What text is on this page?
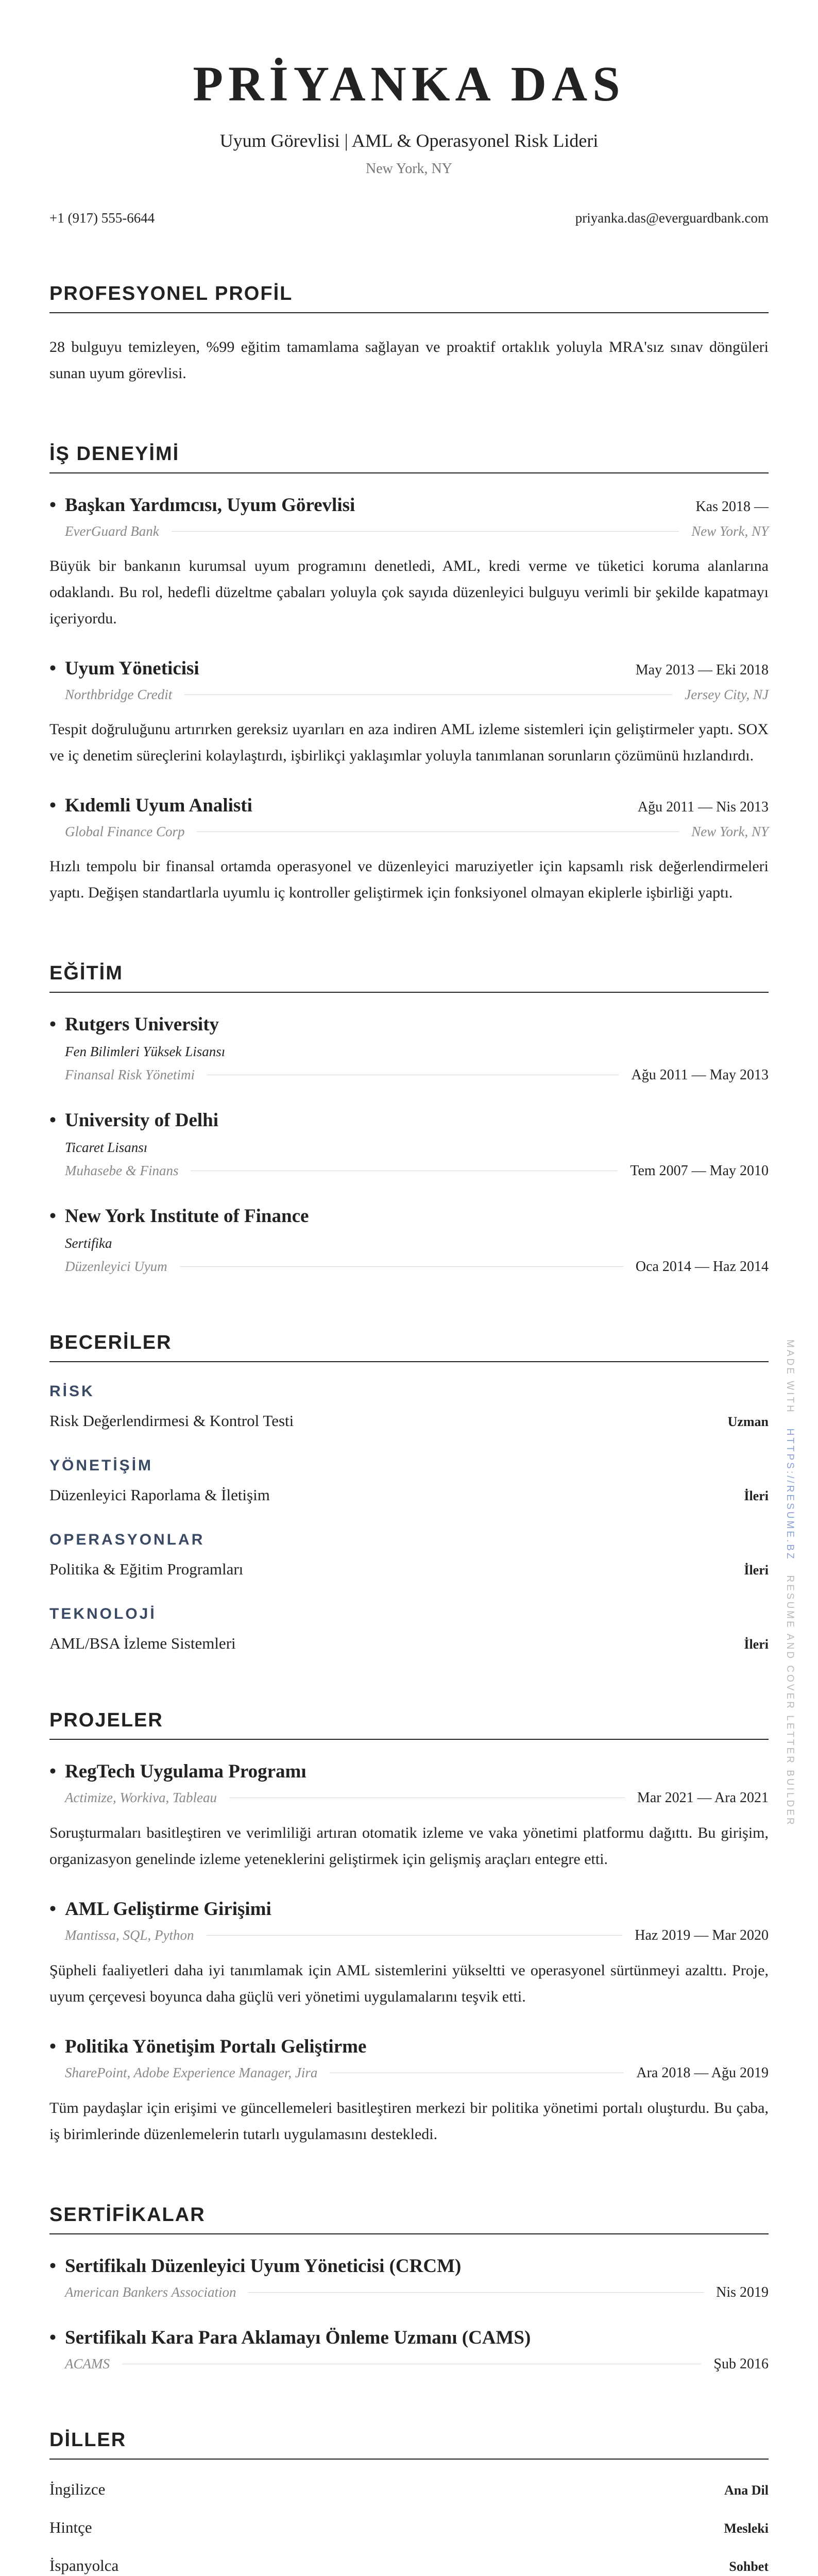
PRİYANKA DAS
Uyum Görevlisi | AML & Operasyonel Risk Lideri
New York, NY
+1 (917) 555-6644	priyanka.das@everguardbank.com
PROFESYONEL PROFİL
28 bulguyu temizleyen, %99 eğitim tamamlama sağlayan ve proaktif ortaklık yoluyla MRA'sız sınav döngüleri sunan uyum görevlisi.
İŞ DENEYİMİ
• Başkan Yardımcısı, Uyum Görevlisi	Kas 2018 —
EverGuard Bank	New York, NY
Büyük bir bankanın kurumsal uyum programını denetledi, AML, kredi verme ve tüketici koruma alanlarına odaklandı. Bu rol, hedefli düzeltme çabaları yoluyla çok sayıda düzenleyici bulguyu verimli bir şekilde kapatmayı içeriyordu.
• Uyum Yöneticisi	May 2013 — Eki 2018
Northbridge Credit	Jersey City, NJ
Tespit doğruluğunu artırırken gereksiz uyarıları en aza indiren AML izleme sistemleri için geliştirmeler yaptı. SOX ve iç denetim süreçlerini kolaylaştırdı, işbirlikçi yaklaşımlar yoluyla tanımlanan sorunların çözümünü hızlandırdı.
• Kıdemli Uyum Analisti	Ağu 2011 — Nis 2013
Global Finance Corp	New York, NY
Hızlı tempolu bir finansal ortamda operasyonel ve düzenleyici maruziyetler için kapsamlı risk değerlendirmeleri yaptı. Değişen standartlarla uyumlu iç kontroller geliştirmek için fonksiyonel olmayan ekiplerle işbirliği yaptı.
EĞİTİM
• Rutgers University
Fen Bilimleri Yüksek Lisansı
Finansal Risk Yönetimi	Ağu 2011 — May 2013
• University of Delhi
Ticaret Lisansı
Muhasebe & Finans	Tem 2007 — May 2010
• New York Institute of Finance
Sertifika
Düzenleyici Uyum	Oca 2014 — Haz 2014
BECERİLER
RİSK
Risk Değerlendirmesi & Kontrol Testi	Uzman
YÖNETİŞİM
Düzenleyici Raporlama & İletişim	İleri
OPERASYONLAR
Politika & Eğitim Programları	İleri
TEKNOLOJİ
AML/BSA İzleme Sistemleri	İleri
PROJELER
• RegTech Uygulama Programı
Actimize, Workiva, Tableau	Mar 2021 — Ara 2021
Soruşturmaları basitleştiren ve verimliliği artıran otomatik izleme ve vaka yönetimi platformu dağıttı. Bu girişim, organizasyon genelinde izleme yeteneklerini geliştirmek için gelişmiş araçları entegre etti.
• AML Geliştirme Girişimi
Mantissa, SQL, Python	Haz 2019 — Mar 2020
Şüpheli faaliyetleri daha iyi tanımlamak için AML sistemlerini yükseltti ve operasyonel sürtünmeyi azalttı. Proje, uyum çerçevesi boyunca daha güçlü veri yönetimi uygulamalarını teşvik etti.
• Politika Yönetişim Portalı Geliştirme
SharePoint, Adobe Experience Manager, Jira	Ara 2018 — Ağu 2019
Tüm paydaşlar için erişimi ve güncellemeleri basitleştiren merkezi bir politika yönetimi portalı oluşturdu. Bu çaba, iş birimlerinde düzenlemelerin tutarlı uygulamasını destekledi.
SERTİFİKALAR
• Sertifikalı Düzenleyici Uyum Yöneticisi (CRCM)
American Bankers Association	Nis 2019
• Sertifikalı Kara Para Aklamayı Önleme Uzmanı (CAMS)
ACAMS	Şub 2016
DİLLER
İngilizce	Ana Dil
Hintçe	Mesleki
İspanyolca	Sohbet
MADE WITH   HTTPS://RESUME.BZ   RESUME AND COVER LETTER BUILDER
